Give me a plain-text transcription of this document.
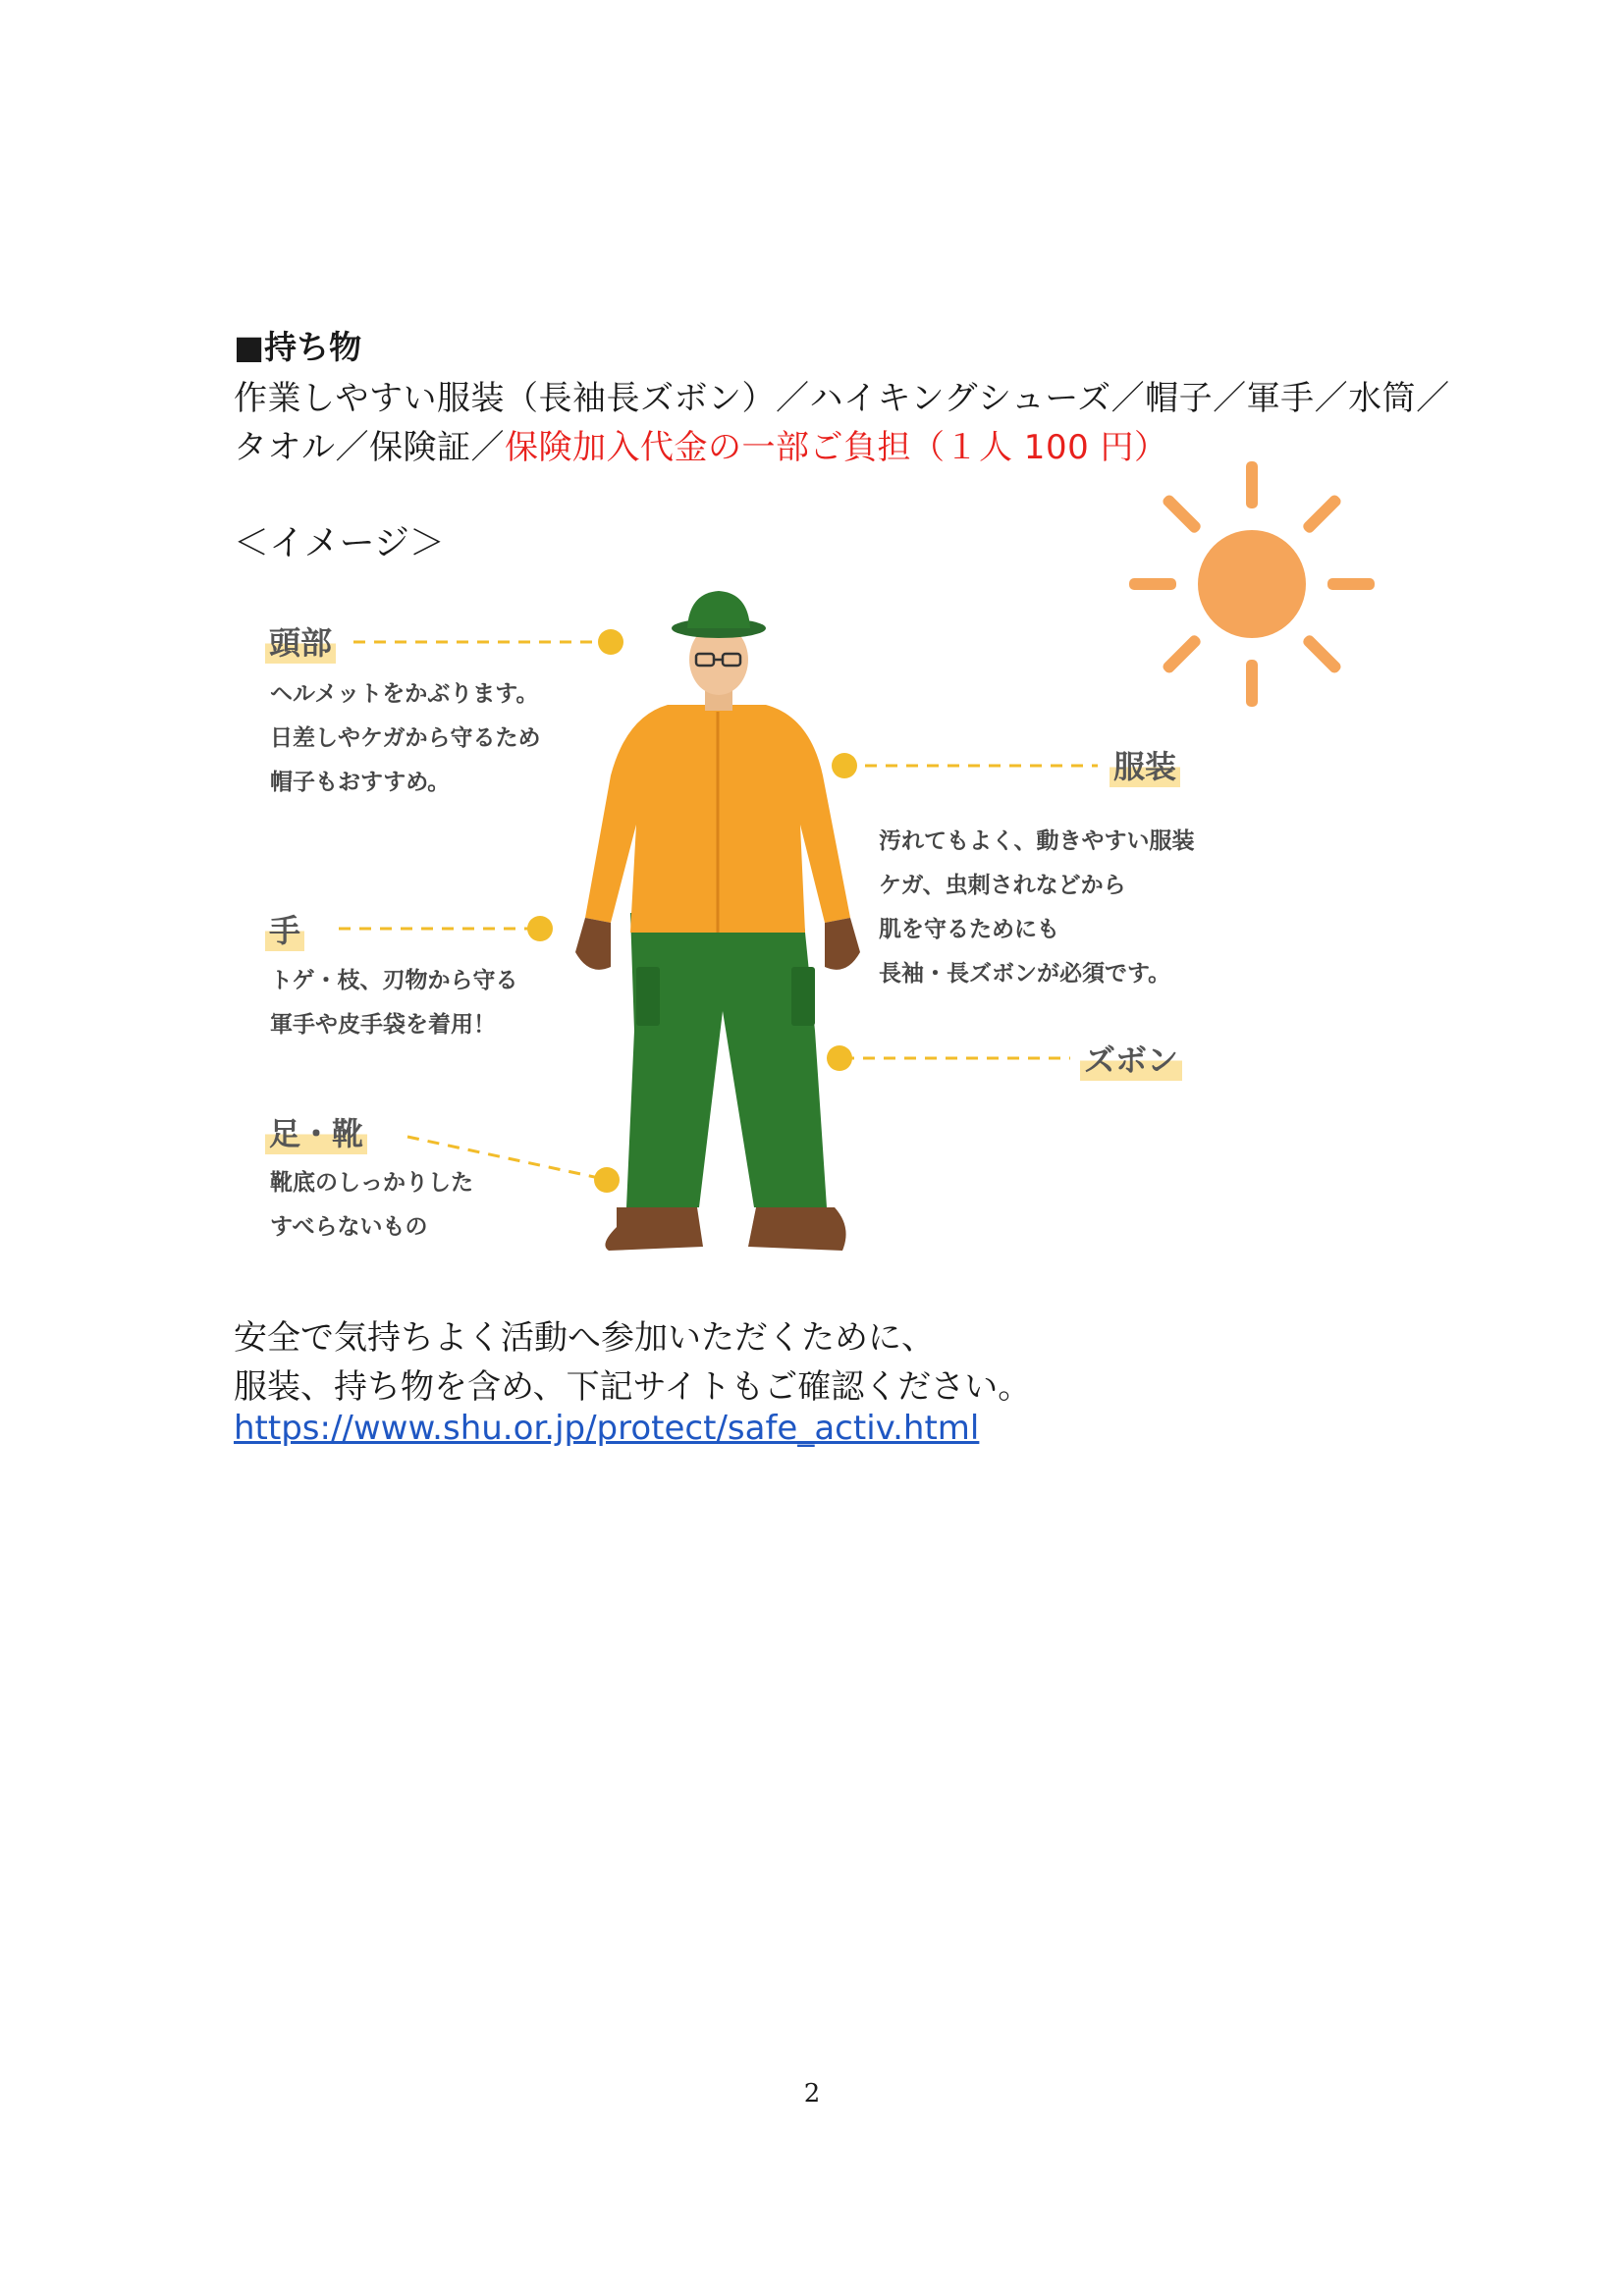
■持ち物
作業しやすい服装（長袖長ズボン）／ハイキングシューズ／帽子／軍手／水筒／
タオル／保険証／保険加入代金の一部ご負担（１人 100 円）
＜イメージ＞
頭部
ヘルメットをかぶります。
日差しやケガから守るため
帽子もおすすめ。
手
トゲ・枝、刃物から守る
軍手や皮手袋を着用！
足・靴
靴底のしっかりした
すべらないもの
服装
汚れてもよく、動きやすい服装
ケガ、虫刺されなどから
肌を守るためにも
長袖・長ズボンが必須です。
ズボン
安全で気持ちよく活動へ参加いただくために、
服装、持ち物を含め、下記サイトもご確認ください。
https://www.shu.or.jp/protect/safe_activ.html
2
